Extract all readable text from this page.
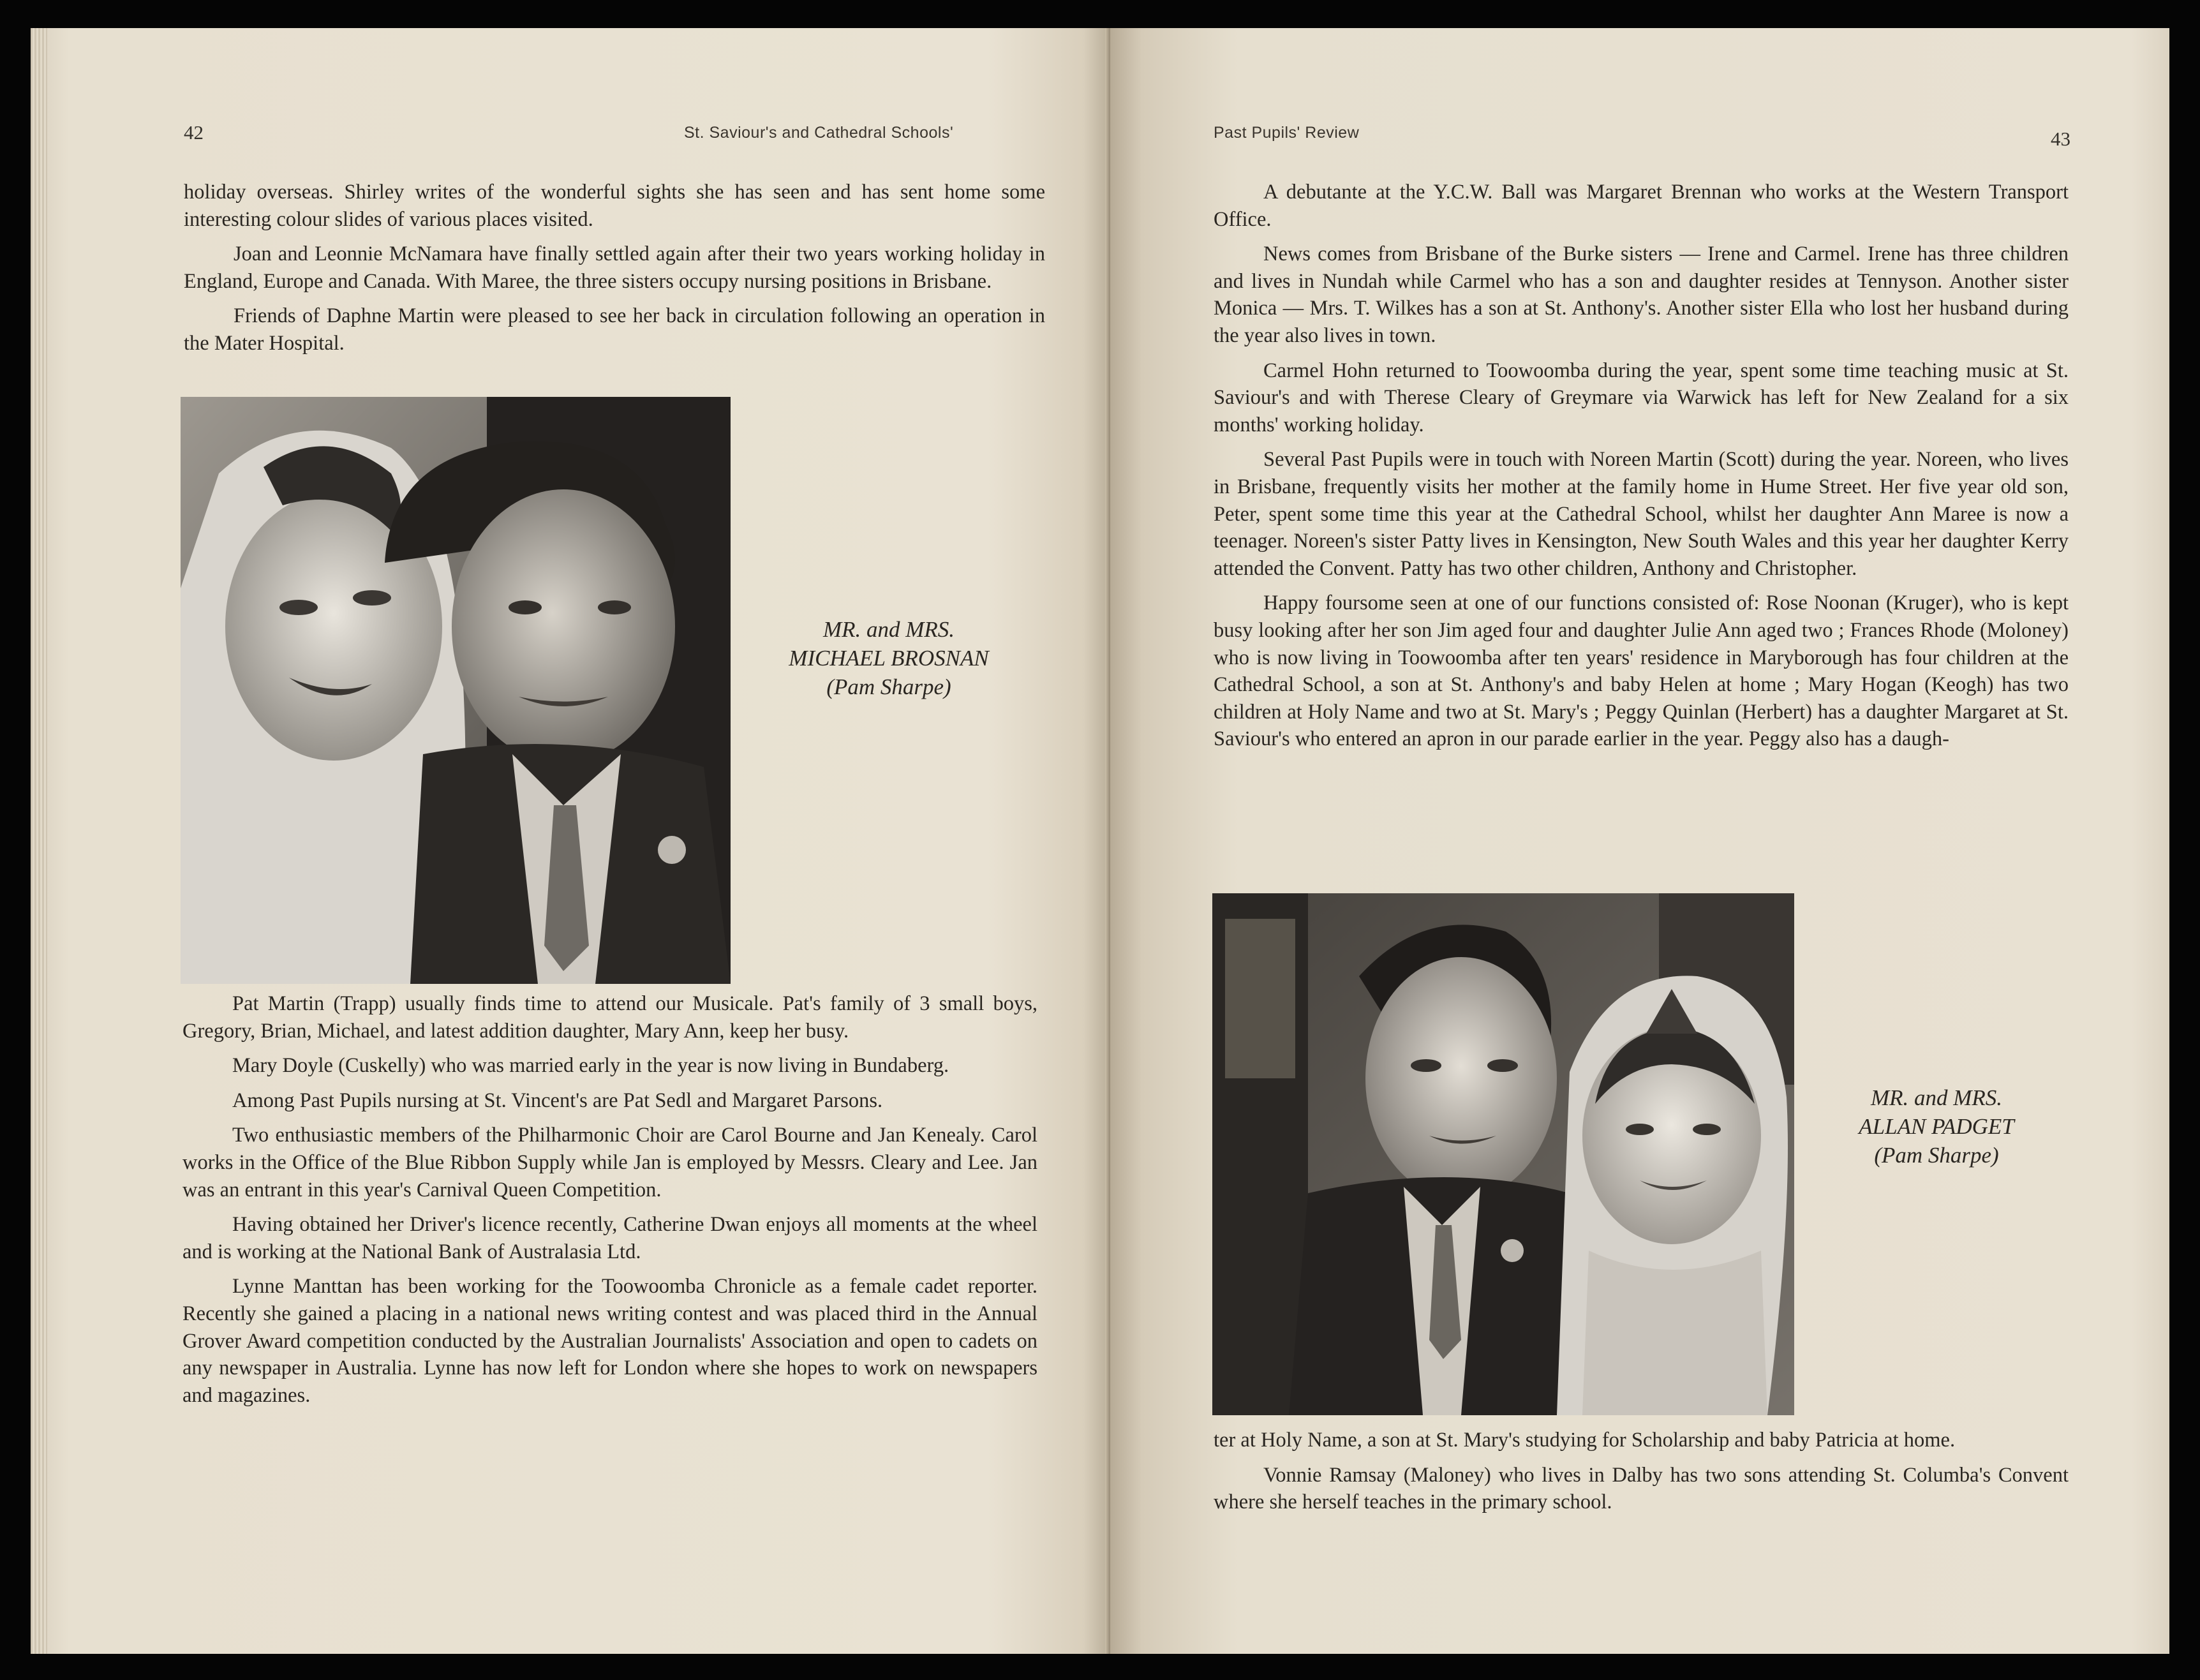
42	St. Saviour's and Cathedral Schools'

holiday overseas. Shirley writes of the wonderful sights she has seen and has sent home some interesting colour slides of various places visited.

Joan and Leonnie McNamara have finally settled again after their two years working holiday in England, Europe and Canada. With Maree, the three sisters occupy nursing positions in Brisbane.

Friends of Daphne Martin were pleased to see her back in circulation following an operation in the Mater Hospital.

MR. and MRS.
MICHAEL BROSNAN
(Pam Sharpe)

Pat Martin (Trapp) usually finds time to attend our Musicale. Pat's family of 3 small boys, Gregory, Brian, Michael, and latest addition daughter, Mary Ann, keep her busy.

Mary Doyle (Cuskelly) who was married early in the year is now living in Bundaberg.

Among Past Pupils nursing at St. Vincent's are Pat Sedl and Margaret Parsons.

Two enthusiastic members of the Philharmonic Choir are Carol Bourne and Jan Kenealy. Carol works in the Office of the Blue Ribbon Supply while Jan is employed by Messrs. Cleary and Lee. Jan was an entrant in this year's Carnival Queen Competition.

Having obtained her Driver's licence recently, Catherine Dwan enjoys all moments at the wheel and is working at the National Bank of Australasia Ltd.

Lynne Manttan has been working for the Toowoomba Chronicle as a female cadet reporter. Recently she gained a placing in a national news writing contest and was placed third in the Annual Grover Award competition conducted by the Australian Journalists' Association and open to cadets on any newspaper in Australia. Lynne has now left for London where she hopes to work on newspapers and magazines.

Past Pupils' Review	43

A debutante at the Y.C.W. Ball was Margaret Brennan who works at the Western Transport Office.

News comes from Brisbane of the Burke sisters — Irene and Carmel. Irene has three children and lives in Nundah while Carmel who has a son and daughter resides at Tennyson. Another sister Monica — Mrs. T. Wilkes has a son at St. Anthony's. Another sister Ella who lost her husband during the year also lives in town.

Carmel Hohn returned to Toowoomba during the year, spent some time teaching music at St. Saviour's and with Therese Cleary of Greymare via Warwick has left for New Zealand for a six months' working holiday.

Several Past Pupils were in touch with Noreen Martin (Scott) during the year. Noreen, who lives in Brisbane, frequently visits her mother at the family home in Hume Street. Her five year old son, Peter, spent some time this year at the Cathedral School, whilst her daughter Ann Maree is now a teenager. Noreen's sister Patty lives in Kensington, New South Wales and this year her daughter Kerry attended the Convent. Patty has two other children, Anthony and Christopher.

Happy foursome seen at one of our functions consisted of: Rose Noonan (Kruger), who is kept busy looking after her son Jim aged four and daughter Julie Ann aged two ; Frances Rhode (Moloney) who is now living in Toowoomba after ten years' residence in Maryborough has four children at the Cathedral School, a son at St. Anthony's and baby Helen at home ; Mary Hogan (Keogh) has two children at Holy Name and two at St. Mary's ; Peggy Quinlan (Herbert) has a daughter Margaret at St. Saviour's who entered an apron in our parade earlier in the year. Peggy also has a daugh-

MR. and MRS.
ALLAN PADGET
(Pam Sharpe)

ter at Holy Name, a son at St. Mary's studying for Scholarship and baby Patricia at home.

Vonnie Ramsay (Maloney) who lives in Dalby has two sons attending St. Columba's Convent where she herself teaches in the primary school.
